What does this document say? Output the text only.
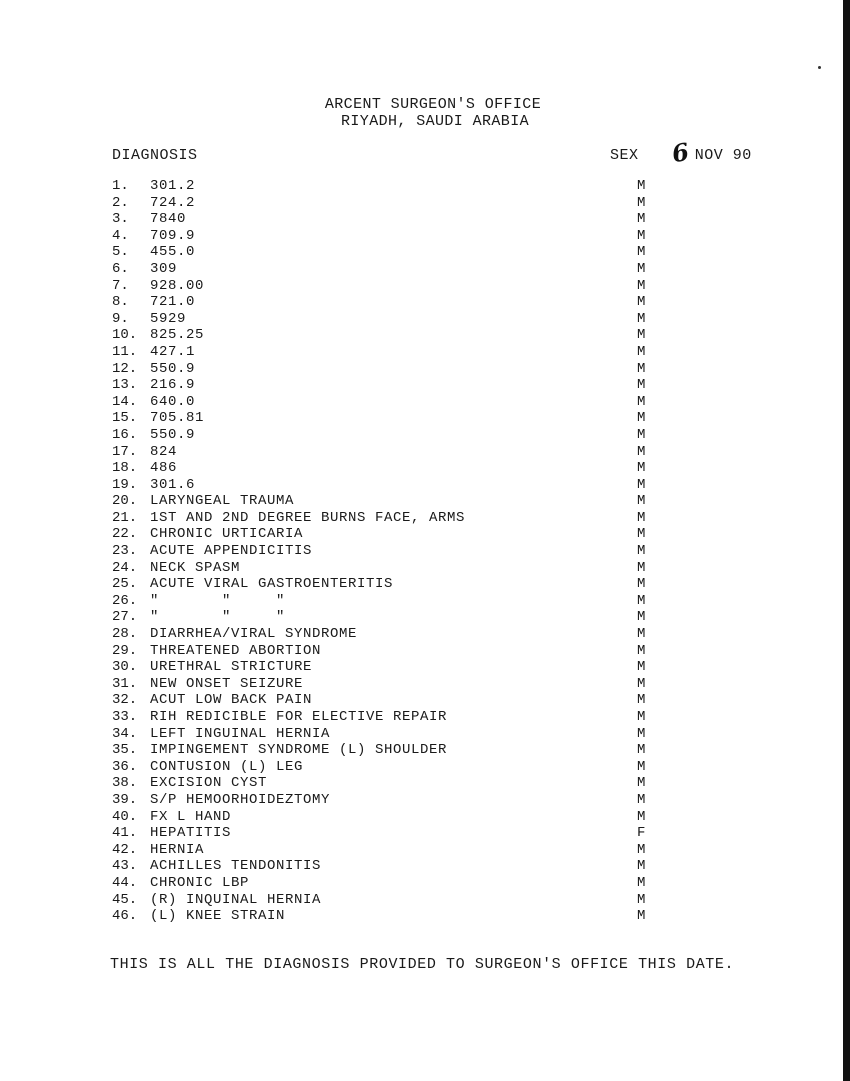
ARCENT SURGEON'S OFFICE
RIYADH, SAUDI ARABIA
DIAGNOSIS	SEX 6 NOV 90
1.	301.2	M
2.	724.2	M
3.	7840	M
4.	709.9	M
5.	455.0	M
6.	309	M
7.	928.00	M
8.	721.0	M
9.	5929	M
10. 825.25	M
11. 427.1	M
12. 550.9	M
13. 216.9	M
14. 640.0	M
15. 705.81	M
16. 550.9	M
17. 824	M
18. 486	M
19. 301.6	M
20. LARYNGEAL TRAUMA	M
21. 1ST AND 2ND DEGREE BURNS FACE, ARMS	M
22. CHRONIC URTICARIA	M
23. ACUTE APPENDICITIS	M
24. NECK SPASM	M
25. ACUTE VIRAL GASTROENTERITIS	M
26. "       "     "	M
27. "       "     "	M
28. DIARRHEA/VIRAL SYNDROME	M
29. THREATENED ABORTION	M
30. URETHRAL STRICTURE	M
31. NEW ONSET SEIZURE	M
32. ACUT LOW BACK PAIN	M
33. RIH REDICIBLE FOR ELECTIVE REPAIR	M
34. LEFT INGUINAL HERNIA	M
35. IMPINGEMENT SYNDROME (L) SHOULDER	M
36. CONTUSION (L) LEG	M
38. EXCISION CYST	M
39. S/P HEMOORHOIDEZTOMY	M
40. FX L HAND	M
41. HEPATITIS	F
42. HERNIA	M
43. ACHILLES TENDONITIS	M
44. CHRONIC LBP	M
45. (R) INQUINAL HERNIA	M
46. (L) KNEE STRAIN	M
THIS IS ALL THE DIAGNOSIS PROVIDED TO SURGEON'S OFFICE THIS DATE.
